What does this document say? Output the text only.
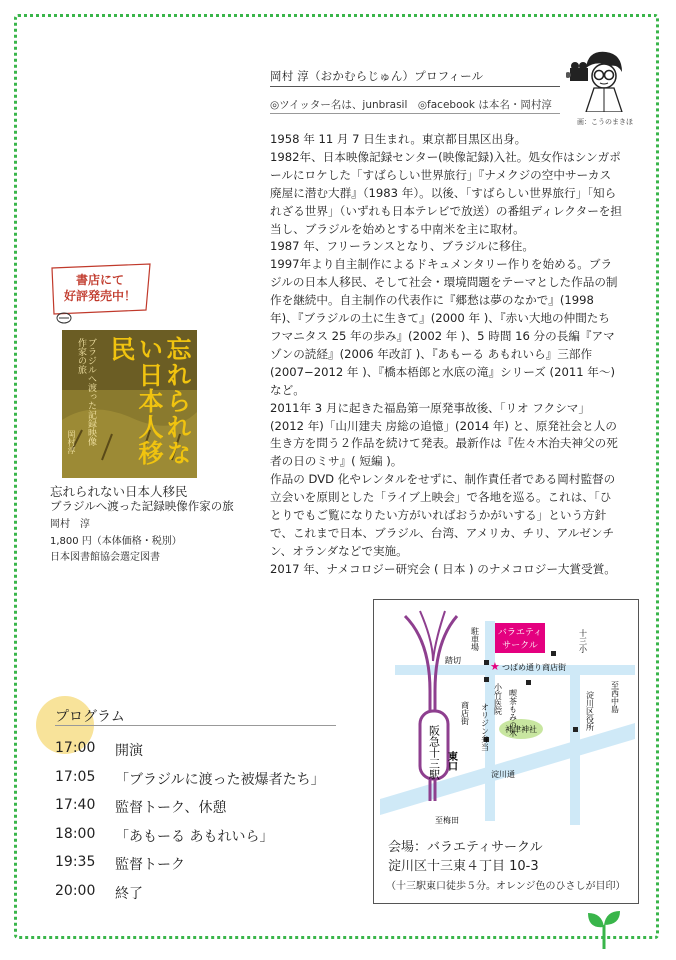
岡村 淳（おかむらじゅん）プロフィール
◎ツイッター名は、junbrasil　◎facebook は本名・岡村淳
画：こうのまきほ

1958 年 11 月 7 日生まれ。東京都目黒区出身。

1982年、日本映像記録センター(映像記録)入社。処女作はシンガポールにロケした「すばらしい世界旅行」『ナメクジの空中サーカス 廃屋に潜む大群』（1983 年）。以後、「すばらしい世界旅行」「知られざる世界」（いずれも日本テレビで放送）の番組ディレクターを担当し、ブラジルを始めとする中南米を主に取材。

1987 年、フリーランスとなり、ブラジルに移住。

1997年より自主制作によるドキュメンタリー作りを始める。ブラジルの日本人移民、そして社会・環境問題をテーマとした作品の制作を継続中。自主制作の代表作に『郷愁は夢のなかで』(1998 年)、『ブラジルの土に生きて』(2000 年 )、『赤い大地の仲間たち フマニタス 25 年の歩み』(2002 年 )、5 時間 16 分の長編『アマゾンの読経』(2006 年改訂 )、『あもーる あもれいら』三部作 (2007−2012 年 )、『橋本梧郎と水底の滝』シリーズ (2011 年〜) など。

2011年 3 月に起きた福島第一原発事故後、「リオ フクシマ」(2012 年)「山川建夫 房総の追憶」(2014 年) と、原発社会と人の生き方を問う２作品を続けて発表。最新作は『佐々木治夫神父の死者の日のミサ』( 短編 )。

作品の DVD 化やレンタルをせずに、制作責任者である岡村監督の立会いを原則とした「ライブ上映会」で各地を巡る。これは、「ひとりでもご覧になりたい方がいればおうかがいする」という方針で、これまで日本、ブラジル、台湾、アメリカ、チリ、アルゼンチン、オランダなどで実施。

2017 年、ナメコロジー研究会 ( 日本 ) のナメコロジー大賞受賞。

書店にて
好評発売中！
忘れられない日本人移民
ブラジルへ渡った記録映像作家の旅
岡村淳
忘れられない日本人移民
ブラジルへ渡った記録映像作家の旅
岡村　淳
1,800 円（本体価格・税別）
日本図書館協会選定図書
プログラム
17:00	開演
17:05	「ブラジルに渡った被爆者たち」
17:40	監督トーク、休憩
18:00	「あもーる あもれいら」
19:35	監督トーク
20:00	終了
★
バラエティ
サークル
駐車場	十三小
踏切
つばめ通り商店街
小竹医院 喫茶もみの木
オリジン弁当
商店街	淀川区役所 至西中島
神津神社
阪急十三駅 東口
淀川通
至梅田
会場：バラエティサークル
淀川区十三東４丁目 10-3
（十三駅東口徒歩５分。オレンジ色のひさしが目印）
